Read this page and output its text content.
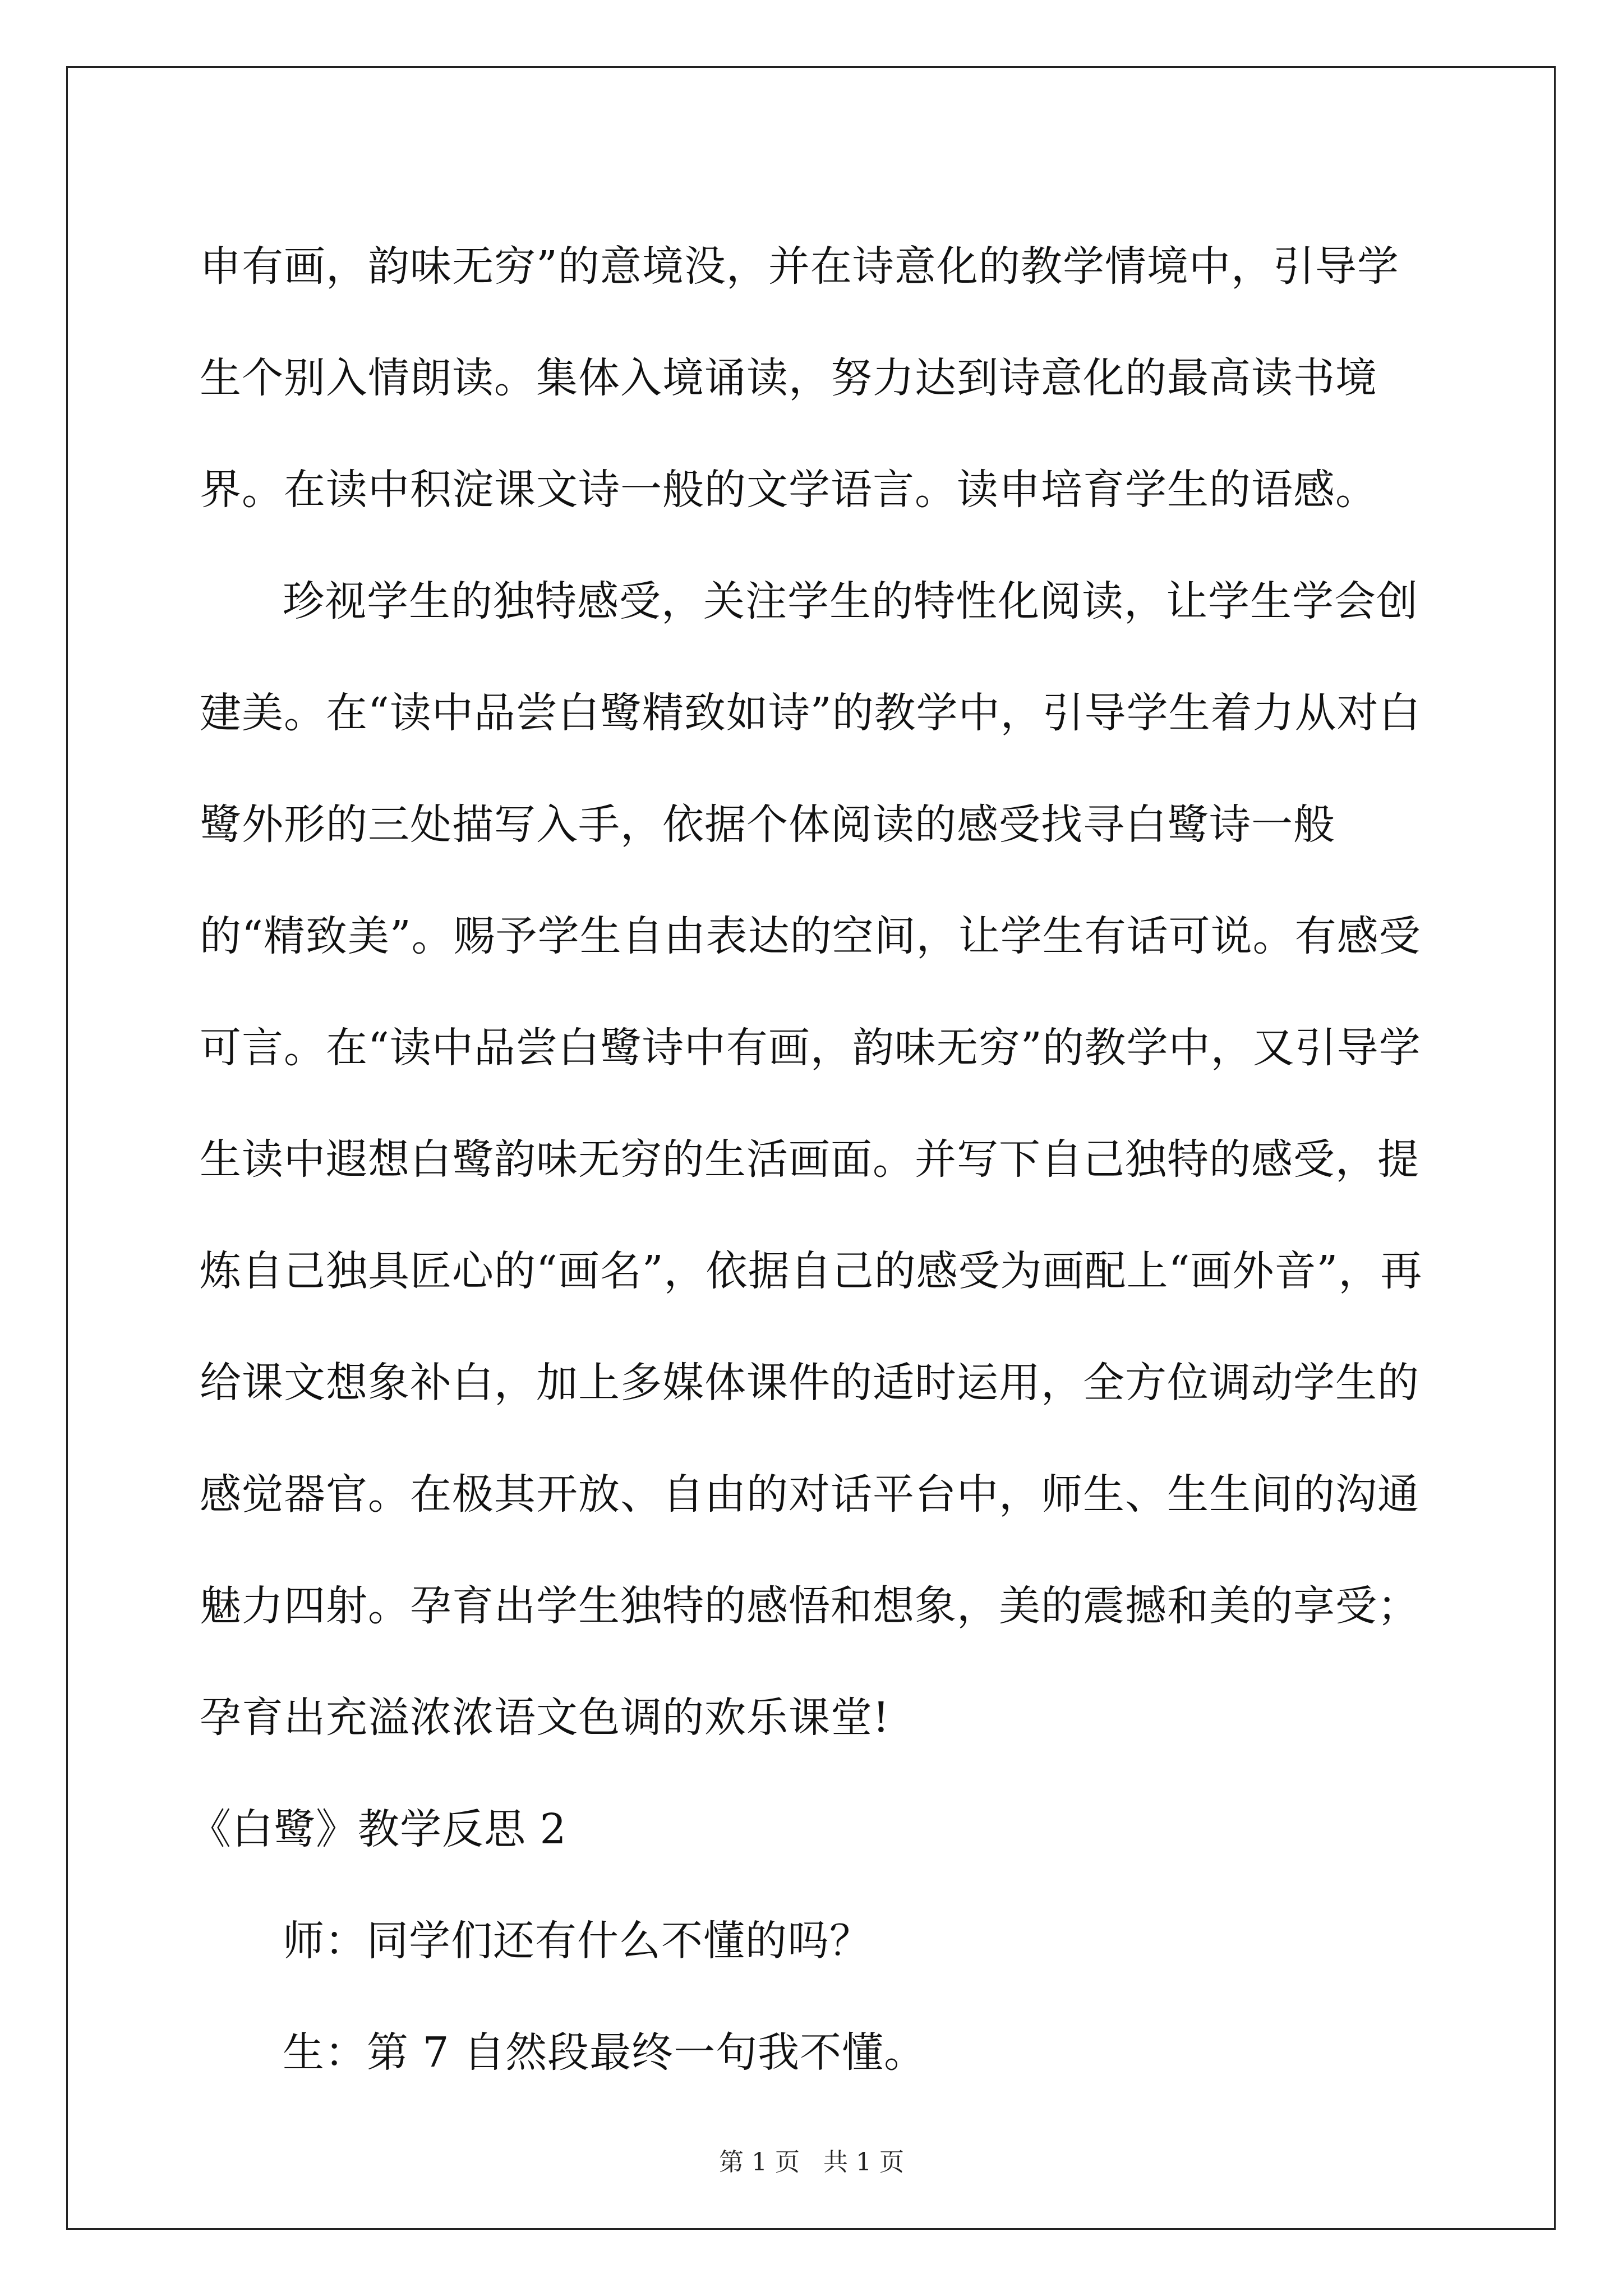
申有画，韵味无穷”的意境没，并在诗意化的教学情境中，引导学生个别入情朗读。集体入境诵读，努力达到诗意化的最高读书境界。在读中积淀课文诗一般的文学语言。读申培育学生的语感。

珍视学生的独特感受，关注学生的特性化阅读，让学生学会创建美。在“读中品尝白鹭精致如诗”的教学中，引导学生着力从对白鹭外形的三处描写入手，依据个体阅读的感受找寻白鹭诗一般的“精致美”。赐予学生自由表达的空间，让学生有话可说。有感受可言。在“读中品尝白鹭诗中有画，韵味无穷”的教学中，又引导学生读中遐想白鹭韵味无穷的生活画面。并写下自己独特的感受，提炼自己独具匠心的“画名”，依据自己的感受为画配上“画外音”，再给课文想象补白，加上多媒体课件的适时运用，全方位调动学生的感觉器官。在极其开放、自由的对话平台中，师生、生生间的沟通魅力四射。孕育出学生独特的感悟和想象，美的震撼和美的享受；孕育出充溢浓浓语文色调的欢乐课堂!

《白鹭》教学反思 2

师：同学们还有什么不懂的吗？

生：第 7 自然段最终一句我不懂。

第 1 页 共 1 页
